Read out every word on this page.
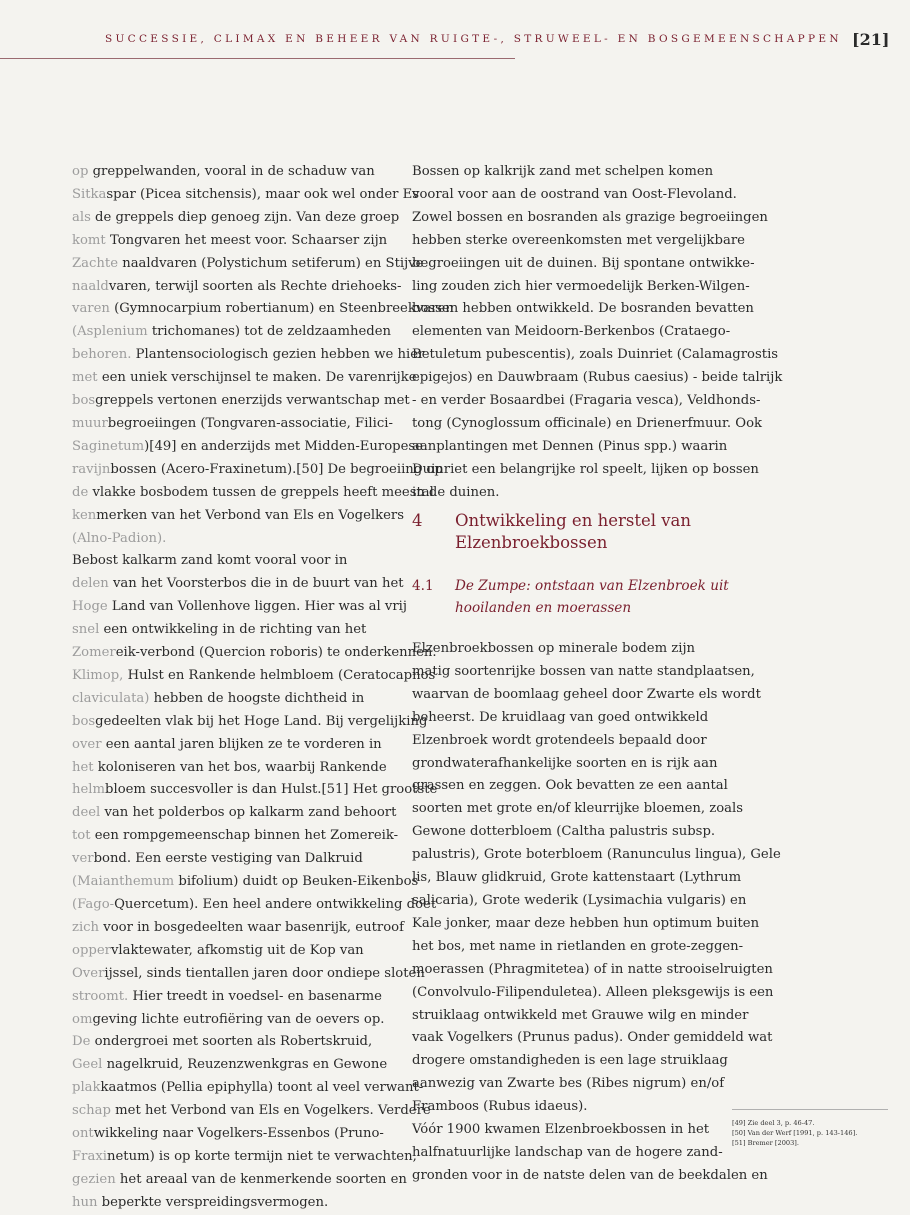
SUCCESSIE, CLIMAX EN BEHEER VAN RUIGTE-, STRUWEEL- EN BOSGEMEENSCHAPPEN [21]
op greppelwanden, vooral in de schaduw van
Sitkaspar (Picea sitchensis), maar ook wel onder Es
als de greppels diep genoeg zijn. Van deze groep
komt Tongvaren het meest voor. Schaarser zijn
Zachte naaldvaren (Polystichum setiferum) en Stijve
naaldvaren, terwijl soorten als Rechte driehoeks-
varen (Gymnocarpium robertianum) en Steenbreekvaren
(Asplenium trichomanes) tot de zeldzaamheden
behoren. Plantensociologisch gezien hebben we hier
met een uniek verschijnsel te maken. De varenrijke
bosgreppels vertonen enerzijds verwantschap met
muurbegroeiingen (Tongvaren-associatie, Filici-
Saginetum)[49] en anderzijds met Midden-Europese
ravijnbossen (Acero-Fraxinetum).[50] De begroeiing op
de vlakke bosbodem tussen de greppels heeft meestal
kenmerken van het Verbond van Els en Vogelkers
(Alno-Padion).
Bebost kalkarm zand komt vooral voor in
delen van het Voorsterbos die in de buurt van het
Hoge Land van Vollenhove liggen. Hier was al vrij
snel een ontwikkeling in de richting van het
Zomereik-verbond (Quercion roboris) te onderkennen.
Klimop, Hulst en Rankende helmbloem (Ceratocapnos
claviculata) hebben de hoogste dichtheid in
bosgedeelten vlak bij het Hoge Land. Bij vergelijking
over een aantal jaren blijken ze te vorderen in
het koloniseren van het bos, waarbij Rankende
helmbloem succesvoller is dan Hulst.[51] Het grootste
deel van het polderbos op kalkarm zand behoort
tot een rompgemeenschap binnen het Zomereik-
verbond. Een eerste vestiging van Dalkruid
(Maianthemum bifolium) duidt op Beuken-Eikenbos
(Fago-Quercetum). Een heel andere ontwikkeling doet
zich voor in bosgedeelten waar basenrijk, eutroof
oppervlaktewater, afkomstig uit de Kop van
Overijssel, sinds tientallen jaren door ondiepe sloten
stroomt. Hier treedt in voedsel- en basenarme
omgeving lichte eutrofiëring van de oevers op.
De ondergroei met soorten als Robertskruid,
Geel nagelkruid, Reuzenzwenkgras en Gewone
plakkaatmos (Pellia epiphylla) toont al veel verwant-
schap met het Verbond van Els en Vogelkers. Verdere
ontwikkeling naar Vogelkers-Essenbos (Pruno-
Fraxinetum) is op korte termijn niet te verwachten,
gezien het areaal van de kenmerkende soorten en
hun beperkte verspreidingsvermogen.
Bossen op kalkrijk zand met schelpen komen
vooral voor aan de oostrand van Oost-Flevoland.
Zowel bossen en bosranden als grazige begroeiingen
hebben sterke overeenkomsten met vergelijkbare
begroeiingen uit de duinen. Bij spontane ontwikke-
ling zouden zich hier vermoedelijk Berken-Wilgen-
bossen hebben ontwikkeld. De bosranden bevatten
elementen van Meidoorn-Berkenbos (Crataego-
Betuletum pubescentis), zoals Duinriet (Calamagrostis
epigejos) en Dauwbraam (Rubus caesius) - beide talrijk
- en verder Bosaardbei (Fragaria vesca), Veldhonds-
tong (Cynoglossum officinale) en Drienerfmuur. Ook
aanplantingen met Dennen (Pinus spp.) waarin
Duinriet een belangrijke rol speelt, lijken op bossen
in de duinen.
4 Ontwikkeling en herstel van
Elzenbroekbossen
4.1 De Zumpe: ontstaan van Elzenbroek uit
hooilanden en moerassen
Elzenbroekbossen op minerale bodem zijn
matig soortenrijke bossen van natte standplaatsen,
waarvan de boomlaag geheel door Zwarte els wordt
beheerst. De kruidlaag van goed ontwikkeld
Elzenbroek wordt grotendeels bepaald door
grondwaterafhankelijke soorten en is rijk aan
grassen en zeggen. Ook bevatten ze een aantal
soorten met grote en/of kleurrijke bloemen, zoals
Gewone dotterbloem (Caltha palustris subsp.
palustris), Grote boterbloem (Ranunculus lingua), Gele
lis, Blauw glidkruid, Grote kattenstaart (Lythrum
salicaria), Grote wederik (Lysimachia vulgaris) en
Kale jonker, maar deze hebben hun optimum buiten
het bos, met name in rietlanden en grote-zeggen-
moerassen (Phragmitetea) of in natte strooiselruigten
(Convolvulo-Filipenduletea). Alleen pleksgewijs is een
struiklaag ontwikkeld met Grauwe wilg en minder
vaak Vogelkers (Prunus padus). Onder gemiddeld wat
drogere omstandigheden is een lage struiklaag
aanwezig van Zwarte bes (Ribes nigrum) en/of
Framboos (Rubus idaeus).
Vóór 1900 kwamen Elzenbroekbossen in het
halfnatuurlijke landschap van de hogere zand-
gronden voor in de natste delen van de beekdalen en
[49] Zie deel 3, p. 46-47.
[50] Van der Werf [1991, p. 143-146].
[51] Bremer [2003].
